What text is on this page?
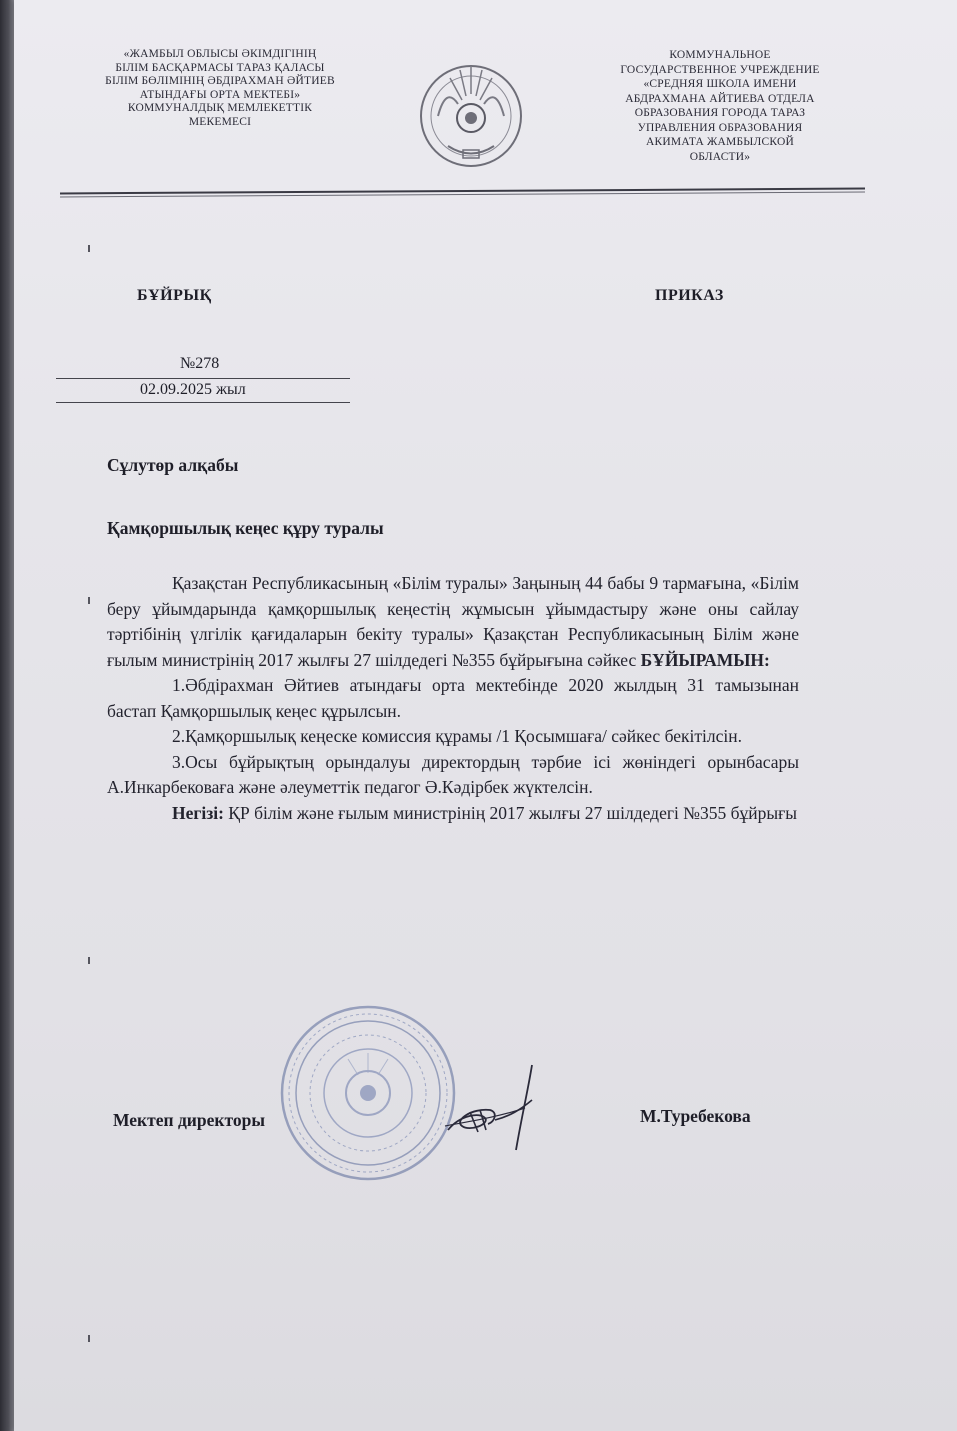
«ЖАМБЫЛ ОБЛЫСЫ ӘКІМДІГІНІҢ
БІЛІМ БАСҚАРМАСЫ ТАРАЗ ҚАЛАСЫ
БІЛІМ БӨЛІМІНІҢ ӘБДІРАХМАН ӘЙТИЕВ
АТЫНДАҒЫ ОРТА МЕКТЕБІ»
КОММУНАЛДЫҚ МЕМЛЕКЕТТІК
МЕКЕМЕСІ
КОММУНАЛЬНОЕ
ГОСУДАРСТВЕННОЕ УЧРЕЖДЕНИЕ
«СРЕДНЯЯ ШКОЛА ИМЕНИ
АБДРАХМАНА АЙТИЕВА ОТДЕЛА
ОБРАЗОВАНИЯ ГОРОДА ТАРАЗ
УПРАВЛЕНИЯ ОБРАЗОВАНИЯ
АКИМАТА ЖАМБЫЛСКОЙ
ОБЛАСТИ»
БҰЙРЫҚ	ПРИКАЗ
№278
02.09.2025 жыл
Сұлутөр алқабы
Қамқоршылық кеңес құру туралы

Қазақстан Республикасының «Білім туралы» Заңының 44 бабы 9 тармағына, «Білім беру ұйымдарында қамқоршылық кеңестің жұмысын ұйымдастыру және оны сайлау тәртібінің үлгілік қағидаларын бекіту туралы» Қазақстан Республикасының Білім және ғылым министрінің 2017 жылғы 27 шілдедегі №355 бұйрығына сәйкес БҰЙЫРАМЫН:

1.Әбдірахман Әйтиев атындағы орта мектебінде 2020 жылдың 31 тамызынан бастап Қамқоршылық кеңес құрылсын.

2.Қамқоршылық кеңеске комиссия құрамы /1 Қосымшаға/ сәйкес бекітілсін.

3.Осы бұйрықтың орындалуы директордың тәрбие ісі жөніндегі орынбасары А.Инкарбековаға және әлеуметтік педагог Ә.Кәдірбек жүктелсін.

Негізі: ҚР білім және ғылым министрінің 2017 жылғы 27 шілдедегі №355 бұйрығы

Мектеп директоры	М.Туребекова
